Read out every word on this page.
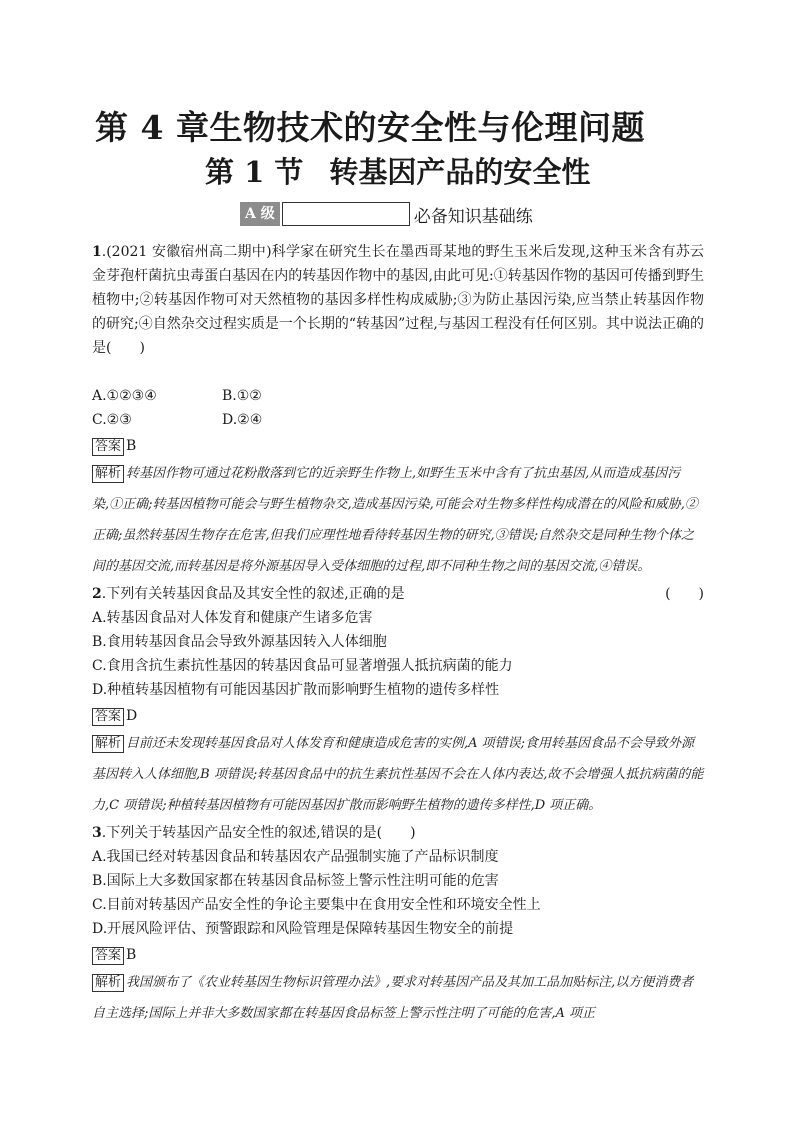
第 4 章生物技术的安全性与伦理问题
第 1 节 转基因产品的安全性
A 级	必备知识基础练

1.(2021 安徽宿州高二期中)科学家在研究生长在墨西哥某地的野生玉米后发现,这种玉米含有苏云金芽孢杆菌抗虫毒蛋白基因在内的转基因作物中的基因,由此可见:①转基因作物的基因可传播到野生植物中;②转基因作物可对天然植物的基因多样性构成威胁;③为防止基因污染,应当禁止转基因作物的研究;④自然杂交过程实质是一个长期的“转基因”过程,与基因工程没有任何区别。其中说法正确的是(　　)

A.①②③④	B.①②

C.②③	D.②④

答案 B
解析 转基因作物可通过花粉散落到它的近亲野生作物上,如野生玉米中含有了抗虫基因,从而造成基因污染,①正确;转基因植物可能会与野生植物杂交,造成基因污染,可能会对生物多样性构成潜在的风险和威胁,②正确;虽然转基因生物存在危害,但我们应理性地看待转基因生物的研究,③错误;自然杂交是同种生物个体之间的基因交流,而转基因是将外源基因导入受体细胞的过程,即不同种生物之间的基因交流,④错误。

2.下列有关转基因食品及其安全性的叙述,正确的是	(　　)

A.转基因食品对人体发育和健康产生诸多危害

B.食用转基因食品会导致外源基因转入人体细胞

C.食用含抗生素抗性基因的转基因食品可显著增强人抵抗病菌的能力

D.种植转基因植物有可能因基因扩散而影响野生植物的遗传多样性

答案 D
解析 目前还未发现转基因食品对人体发育和健康造成危害的实例,A 项错误;食用转基因食品不会导致外源基因转入人体细胞,B 项错误;转基因食品中的抗生素抗性基因不会在人体内表达,故不会增强人抵抗病菌的能力,C 项错误;种植转基因植物有可能因基因扩散而影响野生植物的遗传多样性,D 项正确。

3.下列关于转基因产品安全性的叙述,错误的是(　　)

A.我国已经对转基因食品和转基因农产品强制实施了产品标识制度

B.国际上大多数国家都在转基因食品标签上警示性注明可能的危害

C.目前对转基因产品安全性的争论主要集中在食用安全性和环境安全性上

D.开展风险评估、预警跟踪和风险管理是保障转基因生物安全的前提

答案 B
解析 我国颁布了《农业转基因生物标识管理办法》,要求对转基因产品及其加工品加贴标注,以方便消费者自主选择;国际上并非大多数国家都在转基因食品标签上警示性注明了可能的危害,A 项正
